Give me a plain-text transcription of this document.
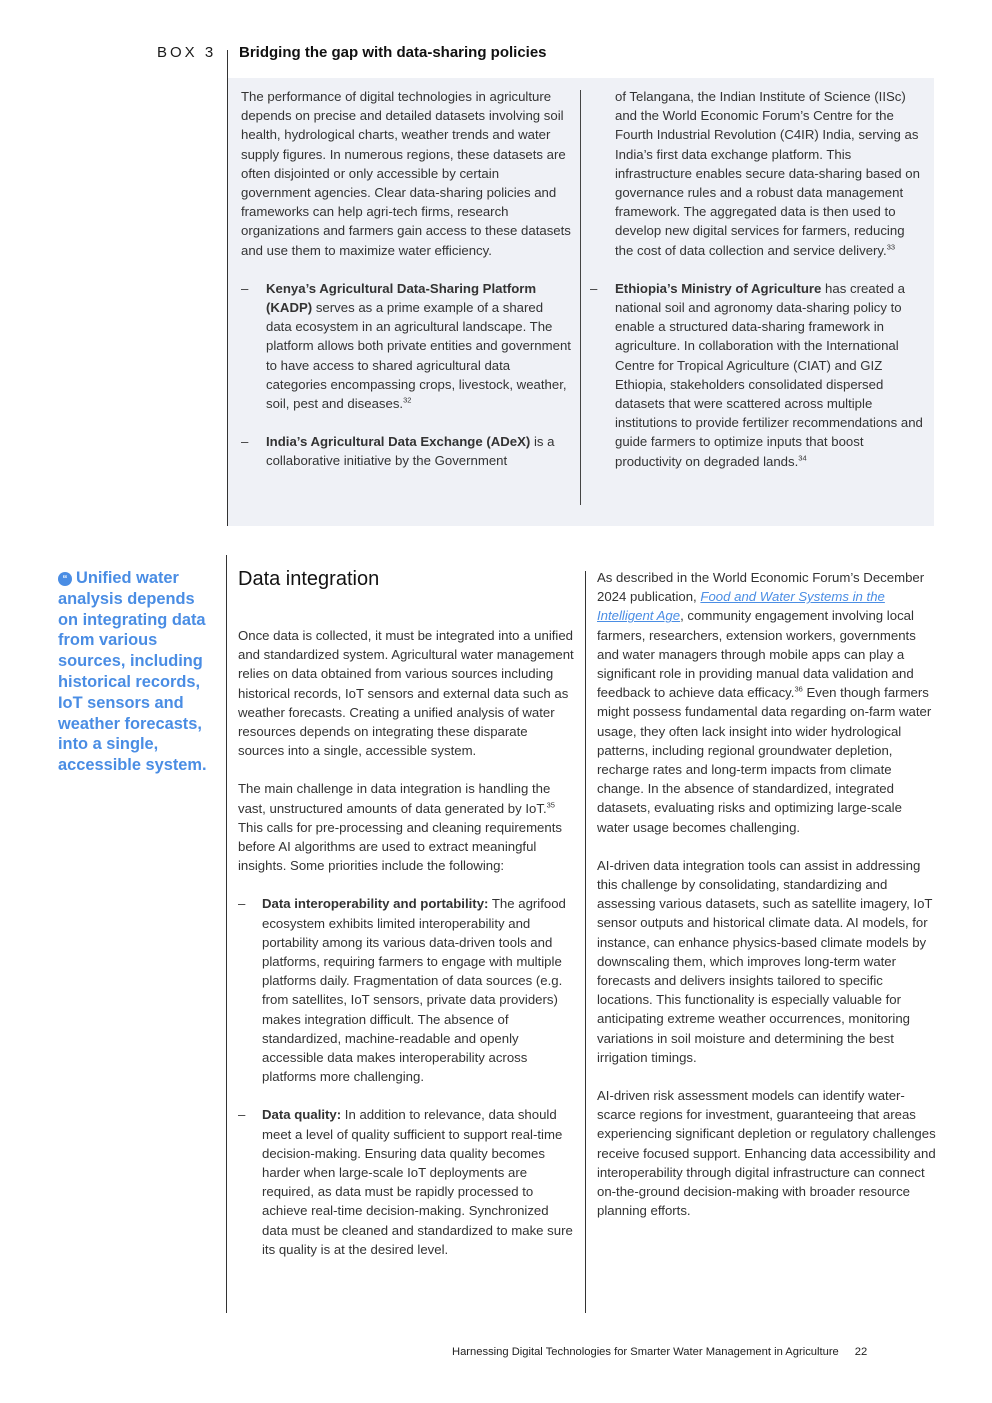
BOX 3 Bridging the gap with data-sharing policies

The performance of digital technologies in agriculture depends on precise and detailed datasets involving soil health, hydrological charts, weather trends and water supply figures. In numerous regions, these datasets are often disjointed or only accessible by certain government agencies. Clear data-sharing policies and frameworks can help agri-tech firms, research organizations and farmers gain access to these datasets and use them to maximize water efficiency.

– Kenya’s Agricultural Data-Sharing Platform (KADP) serves as a prime example of a shared data ecosystem in an agricultural landscape. The platform allows both private entities and government to have access to shared agricultural data categories encompassing crops, livestock, weather, soil, pest and diseases.$^{32}$
– India’s Agricultural Data Exchange (ADeX) is a collaborative initiative by the Government

of Telangana, the Indian Institute of Science (IISc) and the World Economic Forum’s Centre for the Fourth Industrial Revolution (C4IR) India, serving as India’s first data exchange platform. This infrastructure enables secure data-sharing based on governance rules and a robust data management framework. The aggregated data is then used to develop new digital services for farmers, reducing the cost of data collection and service delivery.$^{33}$

– Ethiopia’s Ministry of Agriculture has created a national soil and agronomy data-sharing policy to enable a structured data-sharing framework in agriculture. In collaboration with the International Centre for Tropical Agriculture (CIAT) and GIZ Ethiopia, stakeholders consolidated dispersed datasets that were scattered across multiple institutions to provide fertilizer recommendations and guide farmers to optimize inputs that boost productivity on degraded lands.$^{34}$
“ Unified water analysis depends on integrating data from various sources, including historical records, IoT sensors and weather forecasts, into a single, accessible system.
Data integration

Once data is collected, it must be integrated into a unified and standardized system. Agricultural water management relies on data obtained from various sources including historical records, IoT sensors and external data such as weather forecasts. Creating a unified analysis of water resources depends on integrating these disparate sources into a single, accessible system.

The main challenge in data integration is handling the vast, unstructured amounts of data generated by IoT.$^{35}$ This calls for pre-processing and cleaning requirements before AI algorithms are used to extract meaningful insights. Some priorities include the following:

– Data interoperability and portability: The agrifood ecosystem exhibits limited interoperability and portability among its various data-driven tools and platforms, requiring farmers to engage with multiple platforms daily. Fragmentation of data sources (e.g. from satellites, IoT sensors, private data providers) makes integration difficult. The absence of standardized, machine-readable and openly accessible data makes interoperability across platforms more challenging.
– Data quality: In addition to relevance, data should meet a level of quality sufficient to support real-time decision-making. Ensuring data quality becomes harder when large-scale IoT deployments are required, as data must be rapidly processed to achieve real-time decision-making. Synchronized data must be cleaned and standardized to make sure its quality is at the desired level.

As described in the World Economic Forum’s December 2024 publication, Food and Water Systems in the Intelligent Age, community engagement involving local farmers, researchers, extension workers, governments and water managers through mobile apps can play a significant role in providing manual data validation and feedback to achieve data efficacy.$^{36}$ Even though farmers might possess fundamental data regarding on-farm water usage, they often lack insight into wider hydrological patterns, including regional groundwater depletion, recharge rates and long-term impacts from climate change. In the absence of standardized, integrated datasets, evaluating risks and optimizing large-scale water usage becomes challenging.

AI-driven data integration tools can assist in addressing this challenge by consolidating, standardizing and assessing various datasets, such as satellite imagery, IoT sensor outputs and historical climate data. AI models, for instance, can enhance physics-based climate models by downscaling them, which improves long-term water forecasts and delivers insights tailored to specific locations. This functionality is especially valuable for anticipating extreme weather occurrences, monitoring variations in soil moisture and determining the best irrigation timings.

AI-driven risk assessment models can identify water-scarce regions for investment, guaranteeing that areas experiencing significant depletion or regulatory challenges receive focused support. Enhancing data accessibility and interoperability through digital infrastructure can connect on-the-ground decision-making with broader resource planning efforts.

Harnessing Digital Technologies for Smarter Water Management in Agriculture 22
